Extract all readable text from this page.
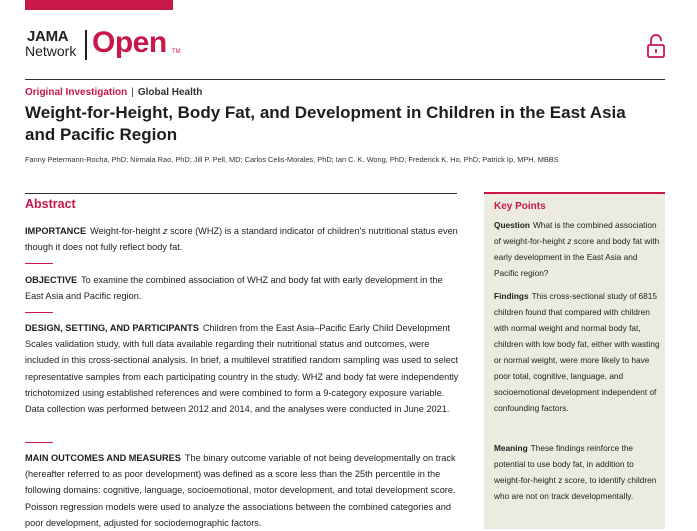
JAMA
Network Open TM
Original Investigation | Global Health
Weight-for-Height, Body Fat, and Development in Children in the East Asia and Pacific Region
Fanny Petermann-Rocha, PhD; Nirmala Rao, PhD; Jill P. Pell, MD; Carlos Celis-Morales, PhD; Ian C. K. Wong, PhD; Frederick K. Ho, PhD; Patrick Ip, MPH, MBBS
Abstract
IMPORTANCE Weight-for-height z score (WHZ) is a standard indicator of children's nutritional status even though it does not fully reflect body fat.
OBJECTIVE To examine the combined association of WHZ and body fat with early development in the East Asia and Pacific region.
DESIGN, SETTING, AND PARTICIPANTS Children from the East Asia–Pacific Early Child Development Scales validation study, with full data available regarding their nutritional status and outcomes, were included in this cross-sectional analysis. In brief, a multilevel stratified random sampling was used to select representative samples from each participating country in the study. WHZ and body fat were independently trichotomized using established references and were combined to form a 9-category exposure variable. Data collection was performed between 2012 and 2014, and the analyses were conducted in June 2021.
MAIN OUTCOMES AND MEASURES The binary outcome variable of not being developmentally on track (hereafter referred to as poor development) was defined as a score less than the 25th percentile in the following domains: cognitive, language, socioemotional, motor development, and total development score. Poisson regression models were used to analyze the associations between the combined categories and poor development, adjusted for sociodemographic factors.
Key Points
Question What is the combined association of weight-for-height z score and body fat with early development in the East Asia and Pacific region?
Findings This cross-sectional study of 6815 children found that compared with children with normal weight and normal body fat, children with low body fat, either with wasting or normal weight, were more likely to have poor total, cognitive, language, and socioemotional development independent of confounding factors.
Meaning These findings reinforce the potential to use body fat, in addition to weight-for-height z score, to identify children who are not on track developmentally.
